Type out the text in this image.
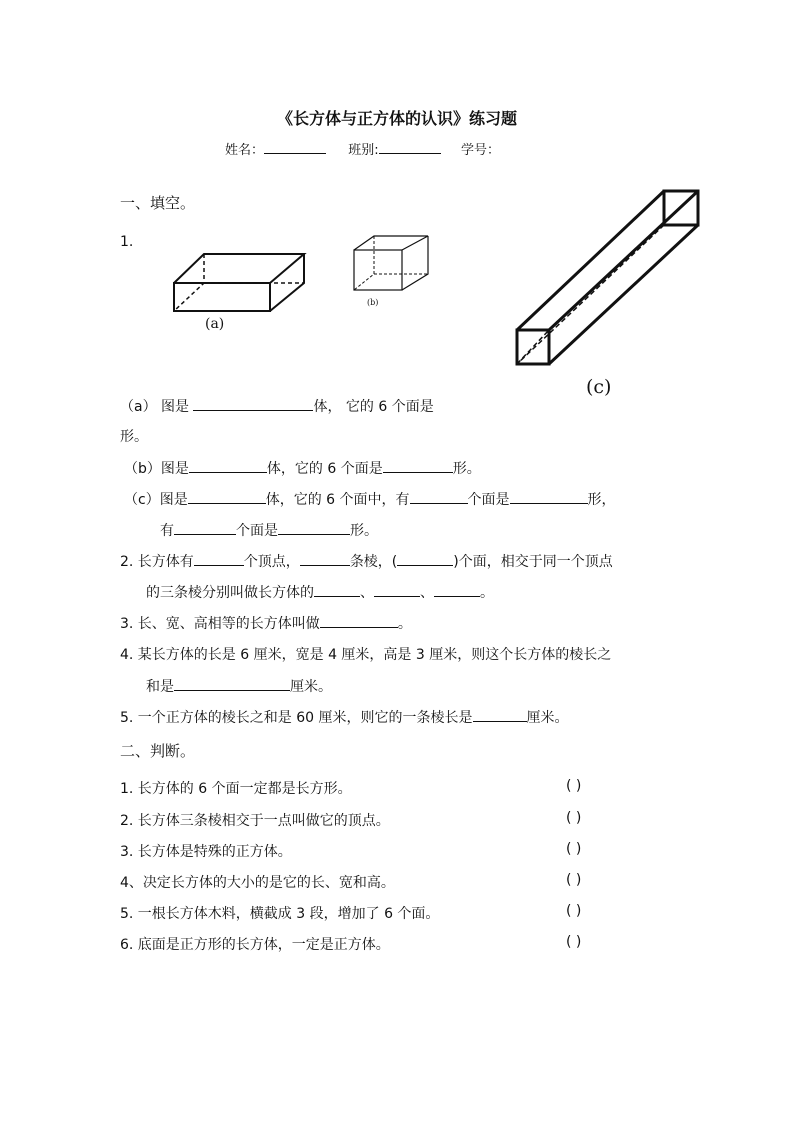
《长方体与正方体的认识》练习题
姓名：	班别:	学号：
一、填空。
1.
(a)
(b)
(c)
（a） 图是	体， 它的 6 个面是
形。
（b）图是	体，它的 6 个面是	形。
（c）图是	体，它的 6 个面中，有	个面是	形，
有	个面是	形。
2. 长方体有	个顶点，	条棱，(	)个面，相交于同一个顶点
的三条棱分别叫做长方体的	、	、	。
3. 长、宽、高相等的长方体叫做	。
4. 某长方体的长是 6 厘米，宽是 4 厘米，高是 3 厘米，则这个长方体的棱长之
和是	厘米。
5. 一个正方体的棱长之和是 60 厘米，则它的一条棱长是	厘米。
二、判断。
1. 长方体的 6 个面一定都是长方形。	( )
2. 长方体三条棱相交于一点叫做它的顶点。	( )
3. 长方体是特殊的正方体。	( )
4、决定长方体的大小的是它的长、宽和高。	( )
5. 一根长方体木料，横截成 3 段，增加了 6 个面。	( )
6. 底面是正方形的长方体，一定是正方体。	( )
